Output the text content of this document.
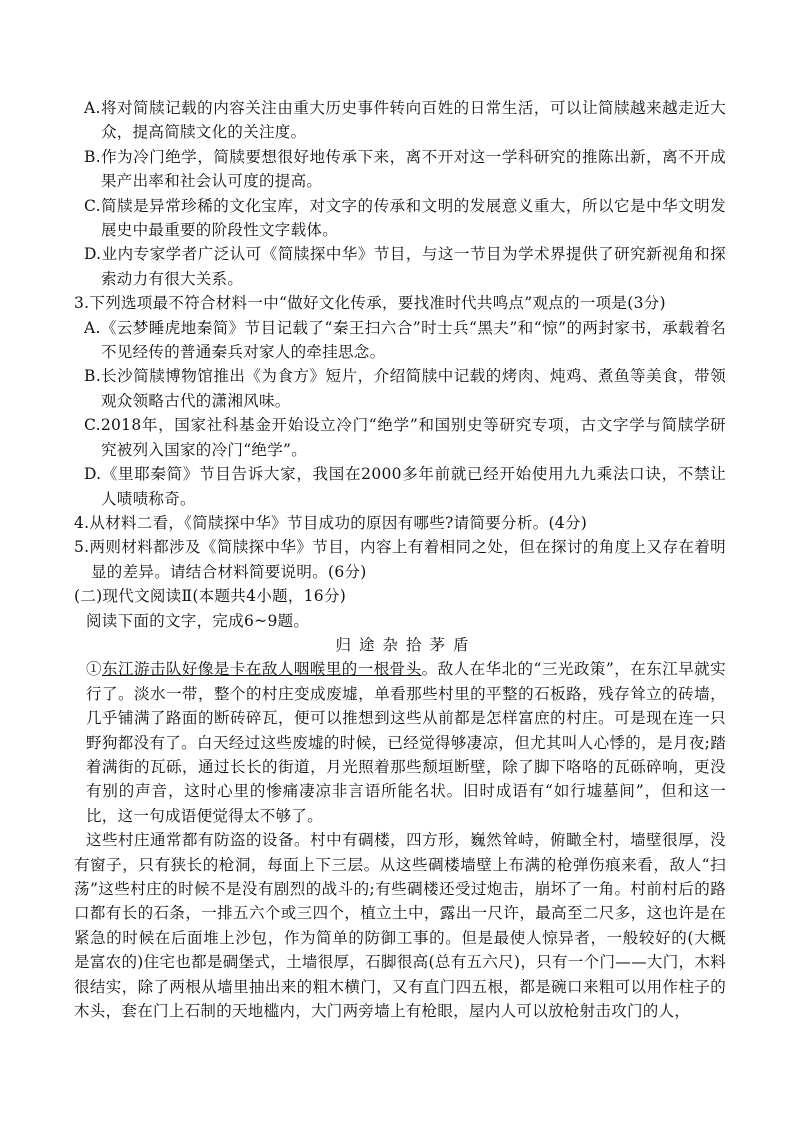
A.将对简牍记载的内容关注由重大历史事件转向百姓的日常生活，可以让简牍越来越走近大众，提高简牍文化的关注度。
B.作为冷门绝学，简牍要想很好地传承下来，离不开对这一学科研究的推陈出新，离不开成果产出率和社会认可度的提高。
C.简牍是异常珍稀的文化宝库，对文字的传承和文明的发展意义重大，所以它是中华文明发展史中最重要的阶段性文字载体。
D.业内专家学者广泛认可《简牍探中华》节目，与这一节目为学术界提供了研究新视角和探索动力有很大关系。
3.下列选项最不符合材料一中“做好文化传承，要找准时代共鸣点”观点的一项是(3分)
A.《云梦睡虎地秦简》节目记载了“秦王扫六合”时士兵“黑夫”和“惊”的两封家书，承载着名不见经传的普通秦兵对家人的牵挂思念。
B.长沙简牍博物馆推出《为食方》短片，介绍简牍中记载的烤肉、炖鸡、煮鱼等美食，带领观众领略古代的潇湘风味。
C.2018年，国家社科基金开始设立冷门“绝学”和国别史等研究专项，古文字学与简牍学研究被列入国家的冷门“绝学”。
D.《里耶秦简》节目告诉大家，我国在2000多年前就已经开始使用九九乘法口诀，不禁让人啧啧称奇。
4.从材料二看，《简牍探中华》节目成功的原因有哪些?请简要分析。(4分)
5.两则材料都涉及《简牍探中华》节目，内容上有着相同之处，但在探讨的角度上又存在着明显的差异。请结合材料简要说明。(6分)
(二)现代文阅读Ⅱ(本题共4小题，16分)
阅读下面的文字，完成6~9题。
归途杂拾茅盾
①东江游击队好像是卡在敌人咽喉里的一根骨头。敌人在华北的“三光政策”，在东江早就实行了。淡水一带，整个的村庄变成废墟，单看那些村里的平整的石板路，残存耸立的砖墙，几乎铺满了路面的断砖碎瓦，便可以推想到这些从前都是怎样富庶的村庄。可是现在连一只野狗都没有了。白天经过这些废墟的时候，已经觉得够凄凉，但尤其叫人心悸的，是月夜;踏着满街的瓦砾，通过长长的街道，月光照着那些颓垣断壁，除了脚下咯咯的瓦砾碎响，更没有别的声音，这时心里的惨痛凄凉非言语所能名状。旧时成语有“如行墟墓间”，但和这一比，这一句成语便觉得太不够了。
这些村庄通常都有防盗的设备。村中有碉楼，四方形，巍然耸峙，俯瞰全村，墙壁很厚，没有窗子，只有狭长的枪洞，每面上下三层。从这些碉楼墙壁上布满的枪弹伤痕来看，敌人“扫荡”这些村庄的时候不是没有剧烈的战斗的;有些碉楼还受过炮击，崩坏了一角。村前村后的路口都有长的石条，一排五六个或三四个，植立土中，露出一尺许，最高至二尺多，这也许是在紧急的时候在后面堆上沙包，作为简单的防御工事的。但是最使人惊异者，一般较好的(大概是富农的)住宅也都是碉堡式，土墙很厚，石脚很高(总有五六尺)，只有一个门——大门，木料很结实，除了两根从墙里抽出来的粗木横门，又有直门四五根，都是碗口来粗可以用作柱子的木头，套在门上石制的天地槛内，大门两旁墙上有枪眼，屋内人可以放枪射击攻门的人，
